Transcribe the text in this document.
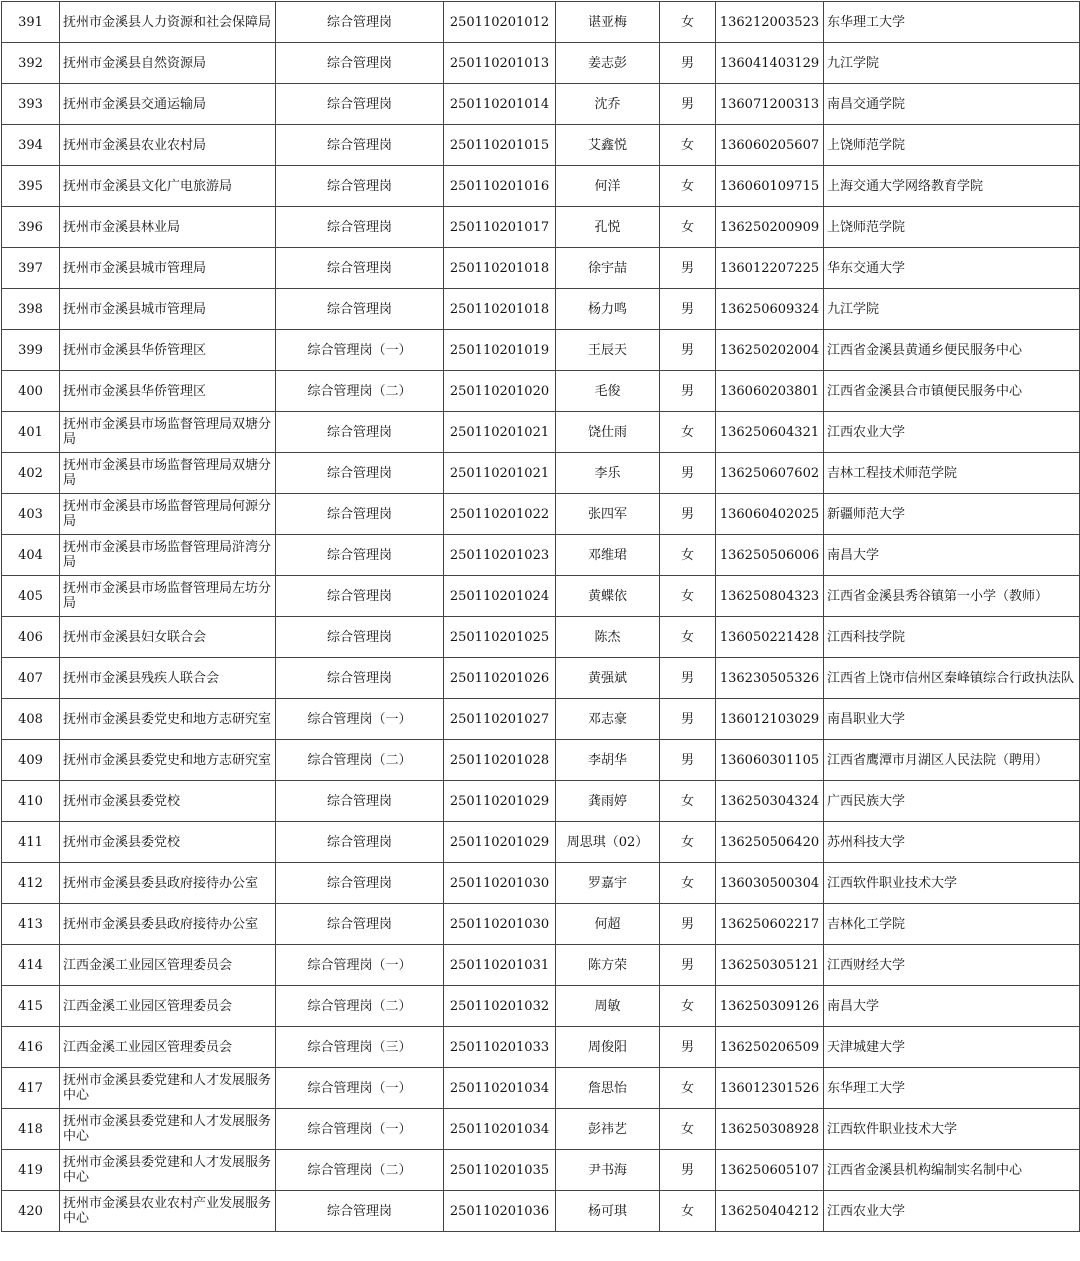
391	抚州市金溪县人力资源和社会保障局	综合管理岗	250110201012	谌亚梅	女	136212003523	东华理工大学
392	抚州市金溪县自然资源局	综合管理岗	250110201013	姜志彭	男	136041403129	九江学院
393	抚州市金溪县交通运输局	综合管理岗	250110201014	沈乔	男	136071200313	南昌交通学院
394	抚州市金溪县农业农村局	综合管理岗	250110201015	艾鑫悦	女	136060205607	上饶师范学院
395	抚州市金溪县文化广电旅游局	综合管理岗	250110201016	何洋	女	136060109715	上海交通大学网络教育学院
396	抚州市金溪县林业局	综合管理岗	250110201017	孔悦	女	136250200909	上饶师范学院
397	抚州市金溪县城市管理局	综合管理岗	250110201018	徐宇喆	男	136012207225	华东交通大学
398	抚州市金溪县城市管理局	综合管理岗	250110201018	杨力鸣	男	136250609324	九江学院
399	抚州市金溪县华侨管理区	综合管理岗（一）	250110201019	王辰天	男	136250202004	江西省金溪县黄通乡便民服务中心
400	抚州市金溪县华侨管理区	综合管理岗（二）	250110201020	毛俊	男	136060203801	江西省金溪县合市镇便民服务中心
401	抚州市金溪县市场监督管理局双塘分局	综合管理岗	250110201021	饶仕雨	女	136250604321	江西农业大学
402	抚州市金溪县市场监督管理局双塘分局	综合管理岗	250110201021	李乐	男	136250607602	吉林工程技术师范学院
403	抚州市金溪县市场监督管理局何源分局	综合管理岗	250110201022	张四军	男	136060402025	新疆师范大学
404	抚州市金溪县市场监督管理局浒湾分局	综合管理岗	250110201023	邓维珺	女	136250506006	南昌大学
405	抚州市金溪县市场监督管理局左坊分局	综合管理岗	250110201024	黄蝶依	女	136250804323	江西省金溪县秀谷镇第一小学（教师）
406	抚州市金溪县妇女联合会	综合管理岗	250110201025	陈杰	女	136050221428	江西科技学院
407	抚州市金溪县残疾人联合会	综合管理岗	250110201026	黄强斌	男	136230505326	江西省上饶市信州区秦峰镇综合行政执法队
408	抚州市金溪县委党史和地方志研究室	综合管理岗（一）	250110201027	邓志豪	男	136012103029	南昌职业大学
409	抚州市金溪县委党史和地方志研究室	综合管理岗（二）	250110201028	李胡华	男	136060301105	江西省鹰潭市月湖区人民法院（聘用）
410	抚州市金溪县委党校	综合管理岗	250110201029	龚雨婷	女	136250304324	广西民族大学
411	抚州市金溪县委党校	综合管理岗	250110201029	周思琪（02）	女	136250506420	苏州科技大学
412	抚州市金溪县委县政府接待办公室	综合管理岗	250110201030	罗嘉宇	女	136030500304	江西软件职业技术大学
413	抚州市金溪县委县政府接待办公室	综合管理岗	250110201030	何超	男	136250602217	吉林化工学院
414	江西金溪工业园区管理委员会	综合管理岗（一）	250110201031	陈方荣	男	136250305121	江西财经大学
415	江西金溪工业园区管理委员会	综合管理岗（二）	250110201032	周敏	女	136250309126	南昌大学
416	江西金溪工业园区管理委员会	综合管理岗（三）	250110201033	周俊阳	男	136250206509	天津城建大学
417	抚州市金溪县委党建和人才发展服务中心	综合管理岗（一）	250110201034	詹思怡	女	136012301526	东华理工大学
418	抚州市金溪县委党建和人才发展服务中心	综合管理岗（一）	250110201034	彭祎艺	女	136250308928	江西软件职业技术大学
419	抚州市金溪县委党建和人才发展服务中心	综合管理岗（二）	250110201035	尹书海	男	136250605107	江西省金溪县机构编制实名制中心
420	抚州市金溪县农业农村产业发展服务中心	综合管理岗	250110201036	杨可琪	女	136250404212	江西农业大学
